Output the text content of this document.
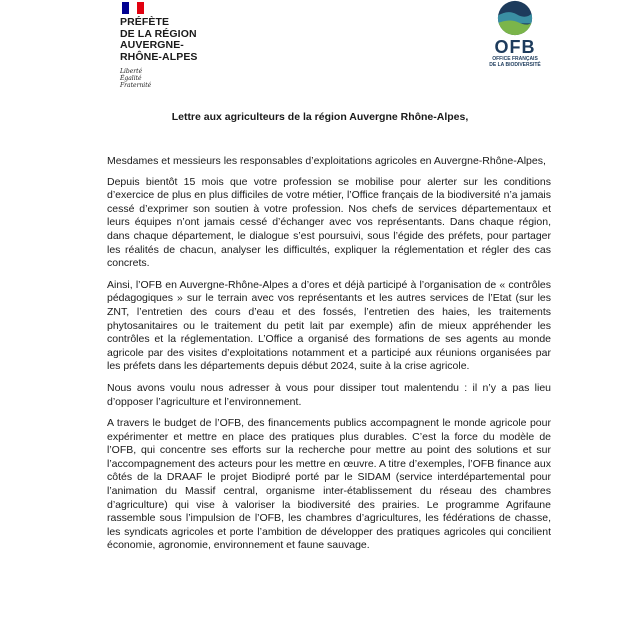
PRÉFÈTE
DE LA RÉGION
AUVERGNE-
RHÔNE-ALPES
Liberté
Égalité
Fraternité
OFB
OFFICE FRANÇAIS
DE LA BIODIVERSITÉ
Lettre aux agriculteurs de la région Auvergne Rhône-Alpes,

Mesdames et messieurs les responsables d’exploitations agricoles en Auvergne-Rhône-Alpes,

Depuis bientôt 15 mois que votre profession se mobilise pour alerter sur les conditions d’exercice de plus en plus difficiles de votre métier, l’Office français de la biodiversité n’a jamais cessé d’exprimer son soutien à votre profession. Nos chefs de services départementaux et leurs équipes n’ont jamais cessé d’échanger avec vos représentants. Dans chaque région, dans chaque département, le dialogue s’est poursuivi, sous l’égide des préfets, pour partager les réalités de chacun, analyser les difficultés, expliquer la réglementation et régler des cas concrets.

Ainsi, l’OFB en Auvergne-Rhône-Alpes a d’ores et déjà participé à l’organisation de « contrôles pédagogiques » sur le terrain avec vos représentants et les autres services de l’Etat (sur les ZNT, l’entretien des cours d’eau et des fossés, l’entretien des haies, les traitements phytosanitaires ou le traitement du petit lait par exemple) afin de mieux appréhender les contrôles et la réglementation. L’Office a organisé des formations de ses agents au monde agricole par des visites d’exploitations notamment et a participé aux réunions organisées par les préfets dans les départements depuis début 2024, suite à la crise agricole.

Nous avons voulu nous adresser à vous pour dissiper tout malentendu : il n’y a pas lieu d’opposer l’agriculture et l’environnement.

A travers le budget de l’OFB, des financements publics accompagnent le monde agricole pour expérimenter et mettre en place des pratiques plus durables. C’est la force du modèle de l’OFB, qui concentre ses efforts sur la recherche pour mettre au point des solutions et sur l’accompagnement des acteurs pour les mettre en œuvre. A titre d’exemples, l’OFB finance aux côtés de la DRAAF le projet Biodipré porté par le SIDAM (service interdépartemental pour l’animation du Massif central, organisme inter-établissement du réseau des chambres d’agriculture) qui vise à valoriser la biodiversité des prairies. Le programme Agrifaune rassemble sous l’impulsion de l’OFB, les chambres d’agricultures, les fédérations de chasse, les syndicats agricoles et porte l’ambition de développer des pratiques agricoles qui concilient économie, agronomie, environnement et faune sauvage.
